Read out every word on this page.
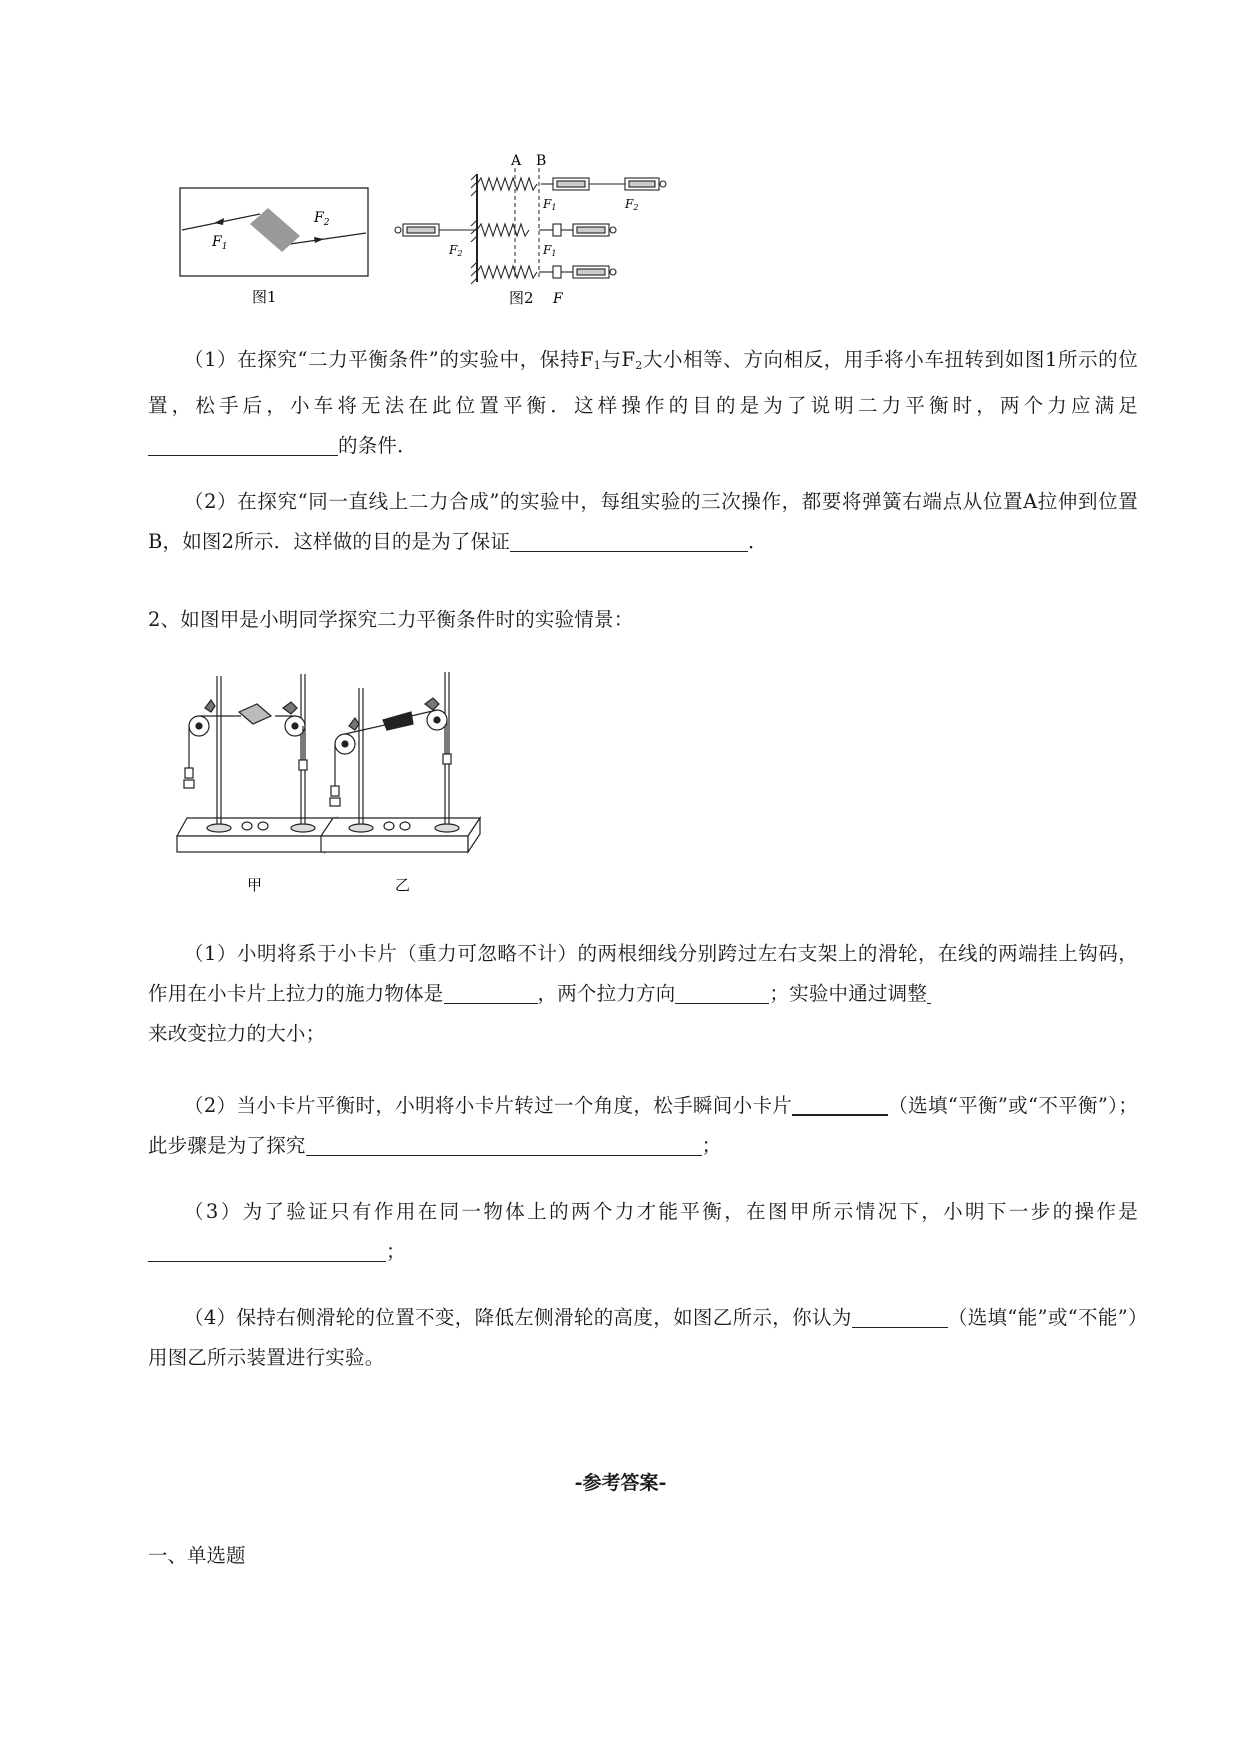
$F_1$
$F_2$
图1
A B
F1	F2
F2	F1
图2 F
（1）在探究“二力平衡条件”的实验中，保持$F_1$与$F_2$大小相等、方向相反，用手将小车扭转到如图1所示的位置，松手后，小车将无法在此位置平衡．这样操作的目的是为了说明二力平衡时，两个力应满足的条件．
（2）在探究“同一直线上二力合成”的实验中，每组实验的三次操作，都要将弹簧右端点从位置A拉伸到位置B，如图2所示．这样做的目的是为了保证	．
2、如图甲是小明同学探究二力平衡条件时的实验情景：
甲	乙
（1）小明将系于小卡片（重力可忽略不计）的两根细线分别跨过左右支架上的滑轮，在线的两端挂上钩码，作用在小卡片上拉力的施力物体是	，两个拉力方向	；实验中通过调整
来改变拉力的大小；
（2）当小卡片平衡时，小明将小卡片转过一个角度，松手瞬间小卡片	（选填“平衡”或“不平衡”）；此步骤是为了探究	；
（3）为了验证只有作用在同一物体上的两个力才能平衡，在图甲所示情况下，小明下一步的操作是；
（4）保持右侧滑轮的位置不变，降低左侧滑轮的高度，如图乙所示，你认为	（选填“能”或“不能”）用图乙所示装置进行实验。
-参考答案-
一、单选题
